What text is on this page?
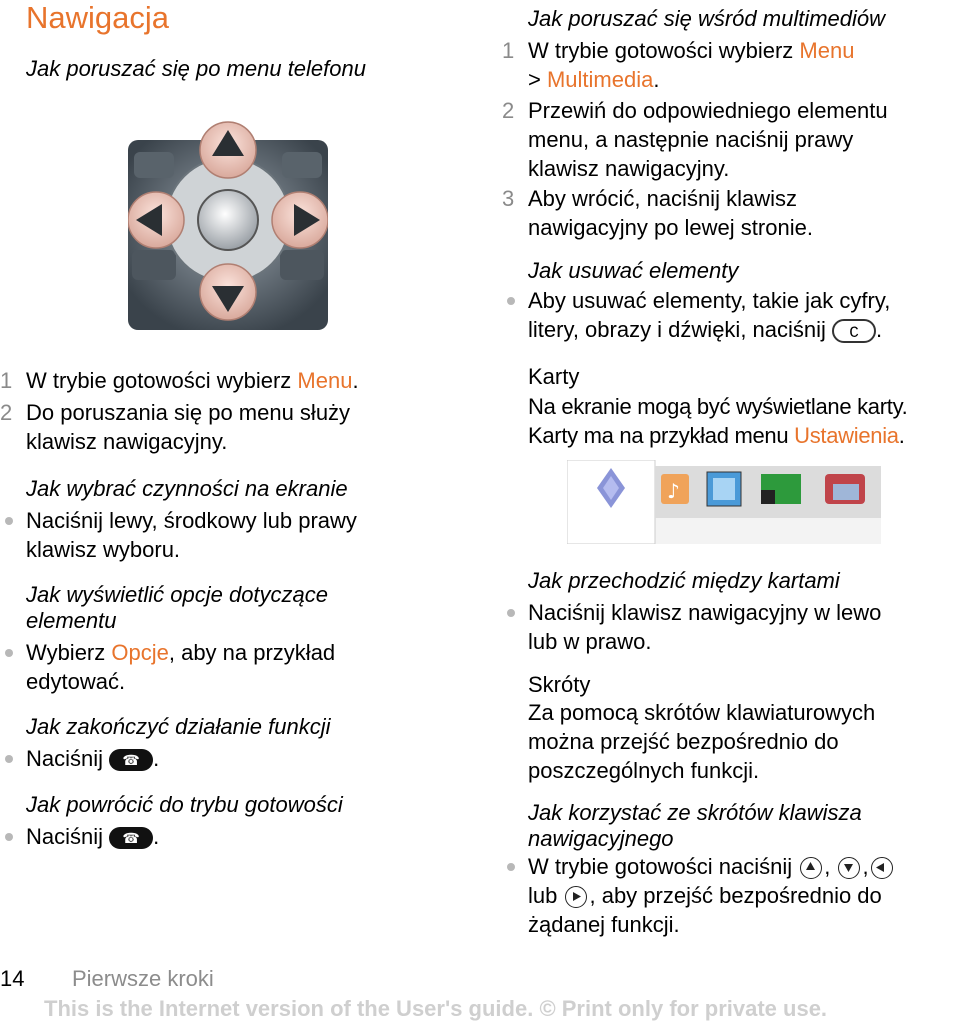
Nawigacja
Jak poruszać się po menu telefonu
1 W trybie gotowości wybierz Menu.
2 Do poruszania się po menu służy
klawisz nawigacyjny.
Jak wybrać czynności na ekranie
Naciśnij lewy, środkowy lub prawy
klawisz wyboru.
Jak wyświetlić opcje dotyczące
elementu
Wybierz Opcje, aby na przykład
edytować.
Jak zakończyć działanie funkcji
Naciśnij ☎ .
Jak powrócić do trybu gotowości
Naciśnij ☎ .
Jak poruszać się wśród multimediów
1 W trybie gotowości wybierz Menu
> Multimedia.
2 Przewiń do odpowiedniego elementu
menu, a następnie naciśnij prawy
klawisz nawigacyjny.
3 Aby wrócić, naciśnij klawisz
nawigacyjny po lewej stronie.
Jak usuwać elementy
Aby usuwać elementy, takie jak cyfry,
litery, obrazy i dźwięki, naciśnij C .
Karty
Na ekranie mogą być wyświetlane karty.
Karty ma na przykład menu Ustawienia.
♪
Jak przechodzić między kartami
Naciśnij klawisz nawigacyjny w lewo
lub w prawo.
Skróty
Za pomocą skrótów klawiaturowych
można przejść bezpośrednio do
poszczególnych funkcji.
Jak korzystać ze skrótów klawisza
nawigacyjnego
W trybie gotowości naciśnij ,
,

lub , aby przejść bezpośrednio do
żądanej funkcji.
14 Pierwsze kroki
This is the Internet version of the User's guide. © Print only for private use.
